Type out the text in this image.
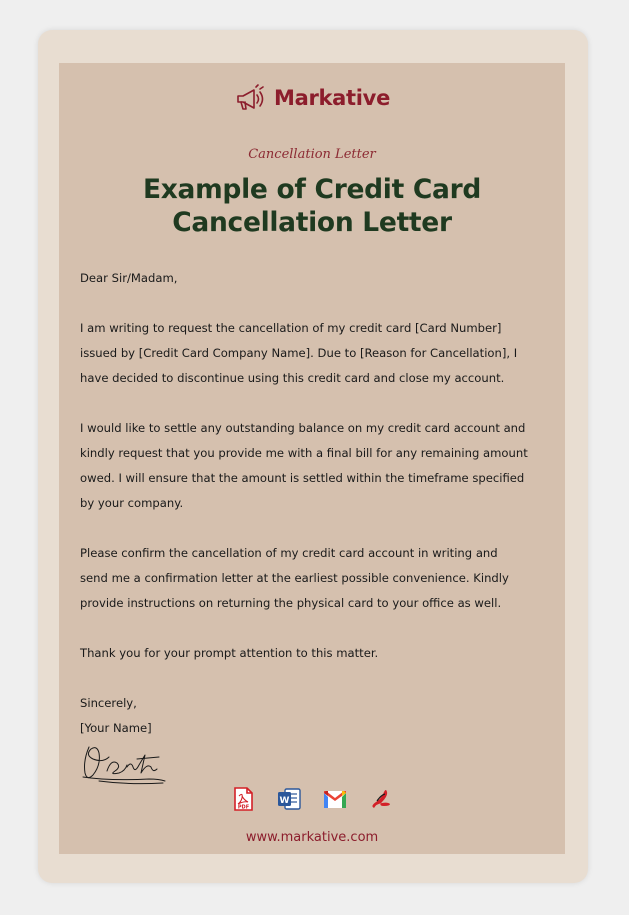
Markative
Cancellation Letter
Example of Credit Card
Cancellation Letter

Dear Sir/Madam,

I am writing to request the cancellation of my credit card [Card Number]

issued by [Credit Card Company Name]. Due to [Reason for Cancellation], I

have decided to discontinue using this credit card and close my account.

I would like to settle any outstanding balance on my credit card account and

kindly request that you provide me with a final bill for any remaining amount

owed. I will ensure that the amount is settled within the timeframe specified

by your company.

Please confirm the cancellation of my credit card account in writing and

send me a confirmation letter at the earliest possible convenience. Kindly

provide instructions on returning the physical card to your office as well.

Thank you for your prompt attention to this matter.

Sincerely,

[Your Name]

PDF
W
www.markative.com
